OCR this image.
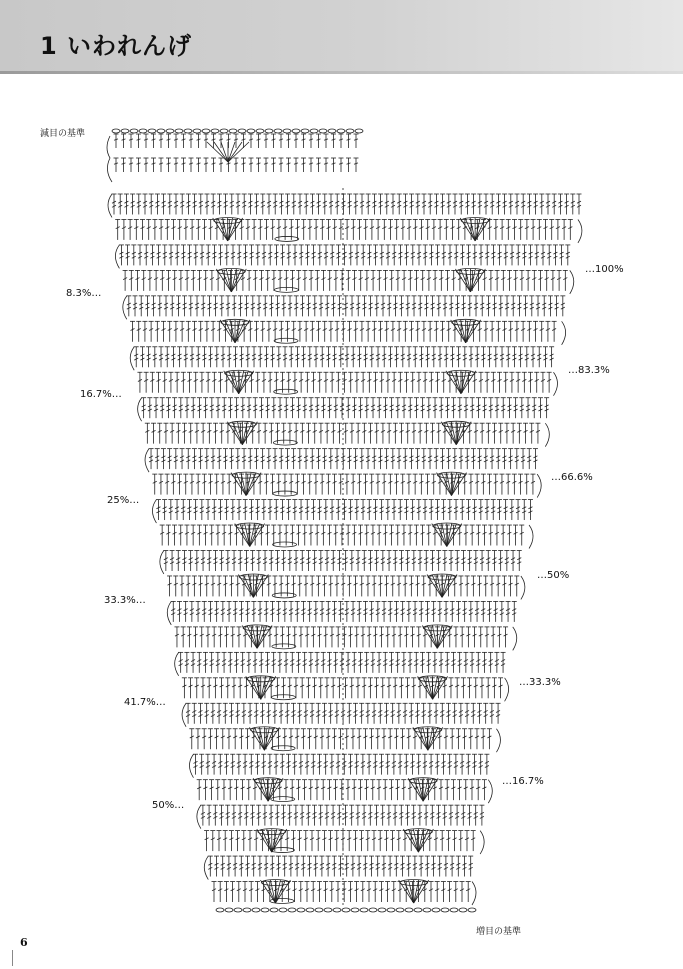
1 いわれんげ
減目の基準
増目の基準
…100%
…83.3%
…66.6%
…50%
…33.3%
…16.7%
8.3%…
16.7%…
25%…
33.3%…
41.7%…
50%…
6
